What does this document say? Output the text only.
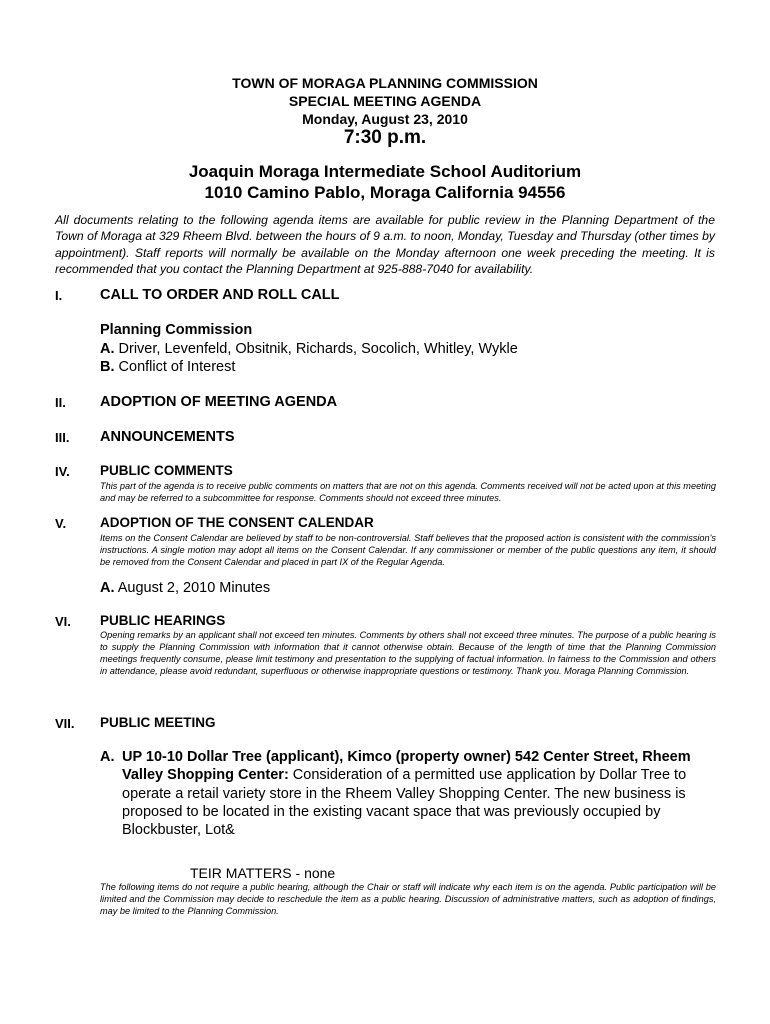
TOWN OF MORAGA PLANNING COMMISSION
SPECIAL MEETING AGENDA
Monday, August 23, 2010
7:30 p.m.
Joaquin Moraga Intermediate School Auditorium
1010 Camino Pablo, Moraga California 94556
All documents relating to the following agenda items are available for public review in the Planning Department of the Town of Moraga at 329 Rheem Blvd. between the hours of 9 a.m. to noon, Monday, Tuesday and Thursday (other times by appointment). Staff reports will normally be available on the Monday afternoon one week preceding the meeting. It is recommended that you contact the Planning Department at 925-888-7040 for availability.
I.	CALL TO ORDER AND ROLL CALL
Planning Commission
A. Driver, Levenfeld, Obsitnik, Richards, Socolich, Whitley, Wykle
B. Conflict of Interest
II. ADOPTION OF MEETING AGENDA
III. ANNOUNCEMENTS
IV. PUBLIC COMMENTS
This part of the agenda is to receive public comments on matters that are not on this agenda. Comments received will not be acted upon at this meeting and may be referred to a subcommittee for response. Comments should not exceed three minutes.
V.	ADOPTION OF THE CONSENT CALENDAR
Items on the Consent Calendar are believed by staff to be non-controversial. Staff believes that the proposed action is consistent with the commission's instructions. A single motion may adopt all items on the Consent Calendar. If any commissioner or member of the public questions any item, it should be removed from the Consent Calendar and placed in part IX of the Regular Agenda.
A. August 2, 2010 Minutes
VI. PUBLIC HEARINGS
Opening remarks by an applicant shall not exceed ten minutes. Comments by others shall not exceed three minutes. The purpose of a public hearing is to supply the Planning Commission with information that it cannot otherwise obtain. Because of the length of time that the Planning Commission meetings frequently consume, please limit testimony and presentation to the supplying of factual information. In fairness to the Commission and others in attendance, please avoid redundant, superfluous or otherwise inappropriate questions or testimony. Thank you. Moraga Planning Commission.
VII. PUBLIC MEETING
A. UP 10-10 Dollar Tree (applicant), Kimco (property owner) 542 Center Street, Rheem Valley Shopping Center: Consideration of a permitted use application by Dollar Tree to operate a retail variety store in the Rheem Valley Shopping Center. The new business is proposed to be located in the existing vacant space that was previously occupied by Blockbuster, Lot&
TEIR MATTERS - none
The following items do not require a public hearing, although the Chair or staff will indicate why each item is on the agenda. Public participation will be limited and the Commission may decide to reschedule the item as a public hearing. Discussion of administrative matters, such as adoption of findings, may be limited to the Planning Commission.
